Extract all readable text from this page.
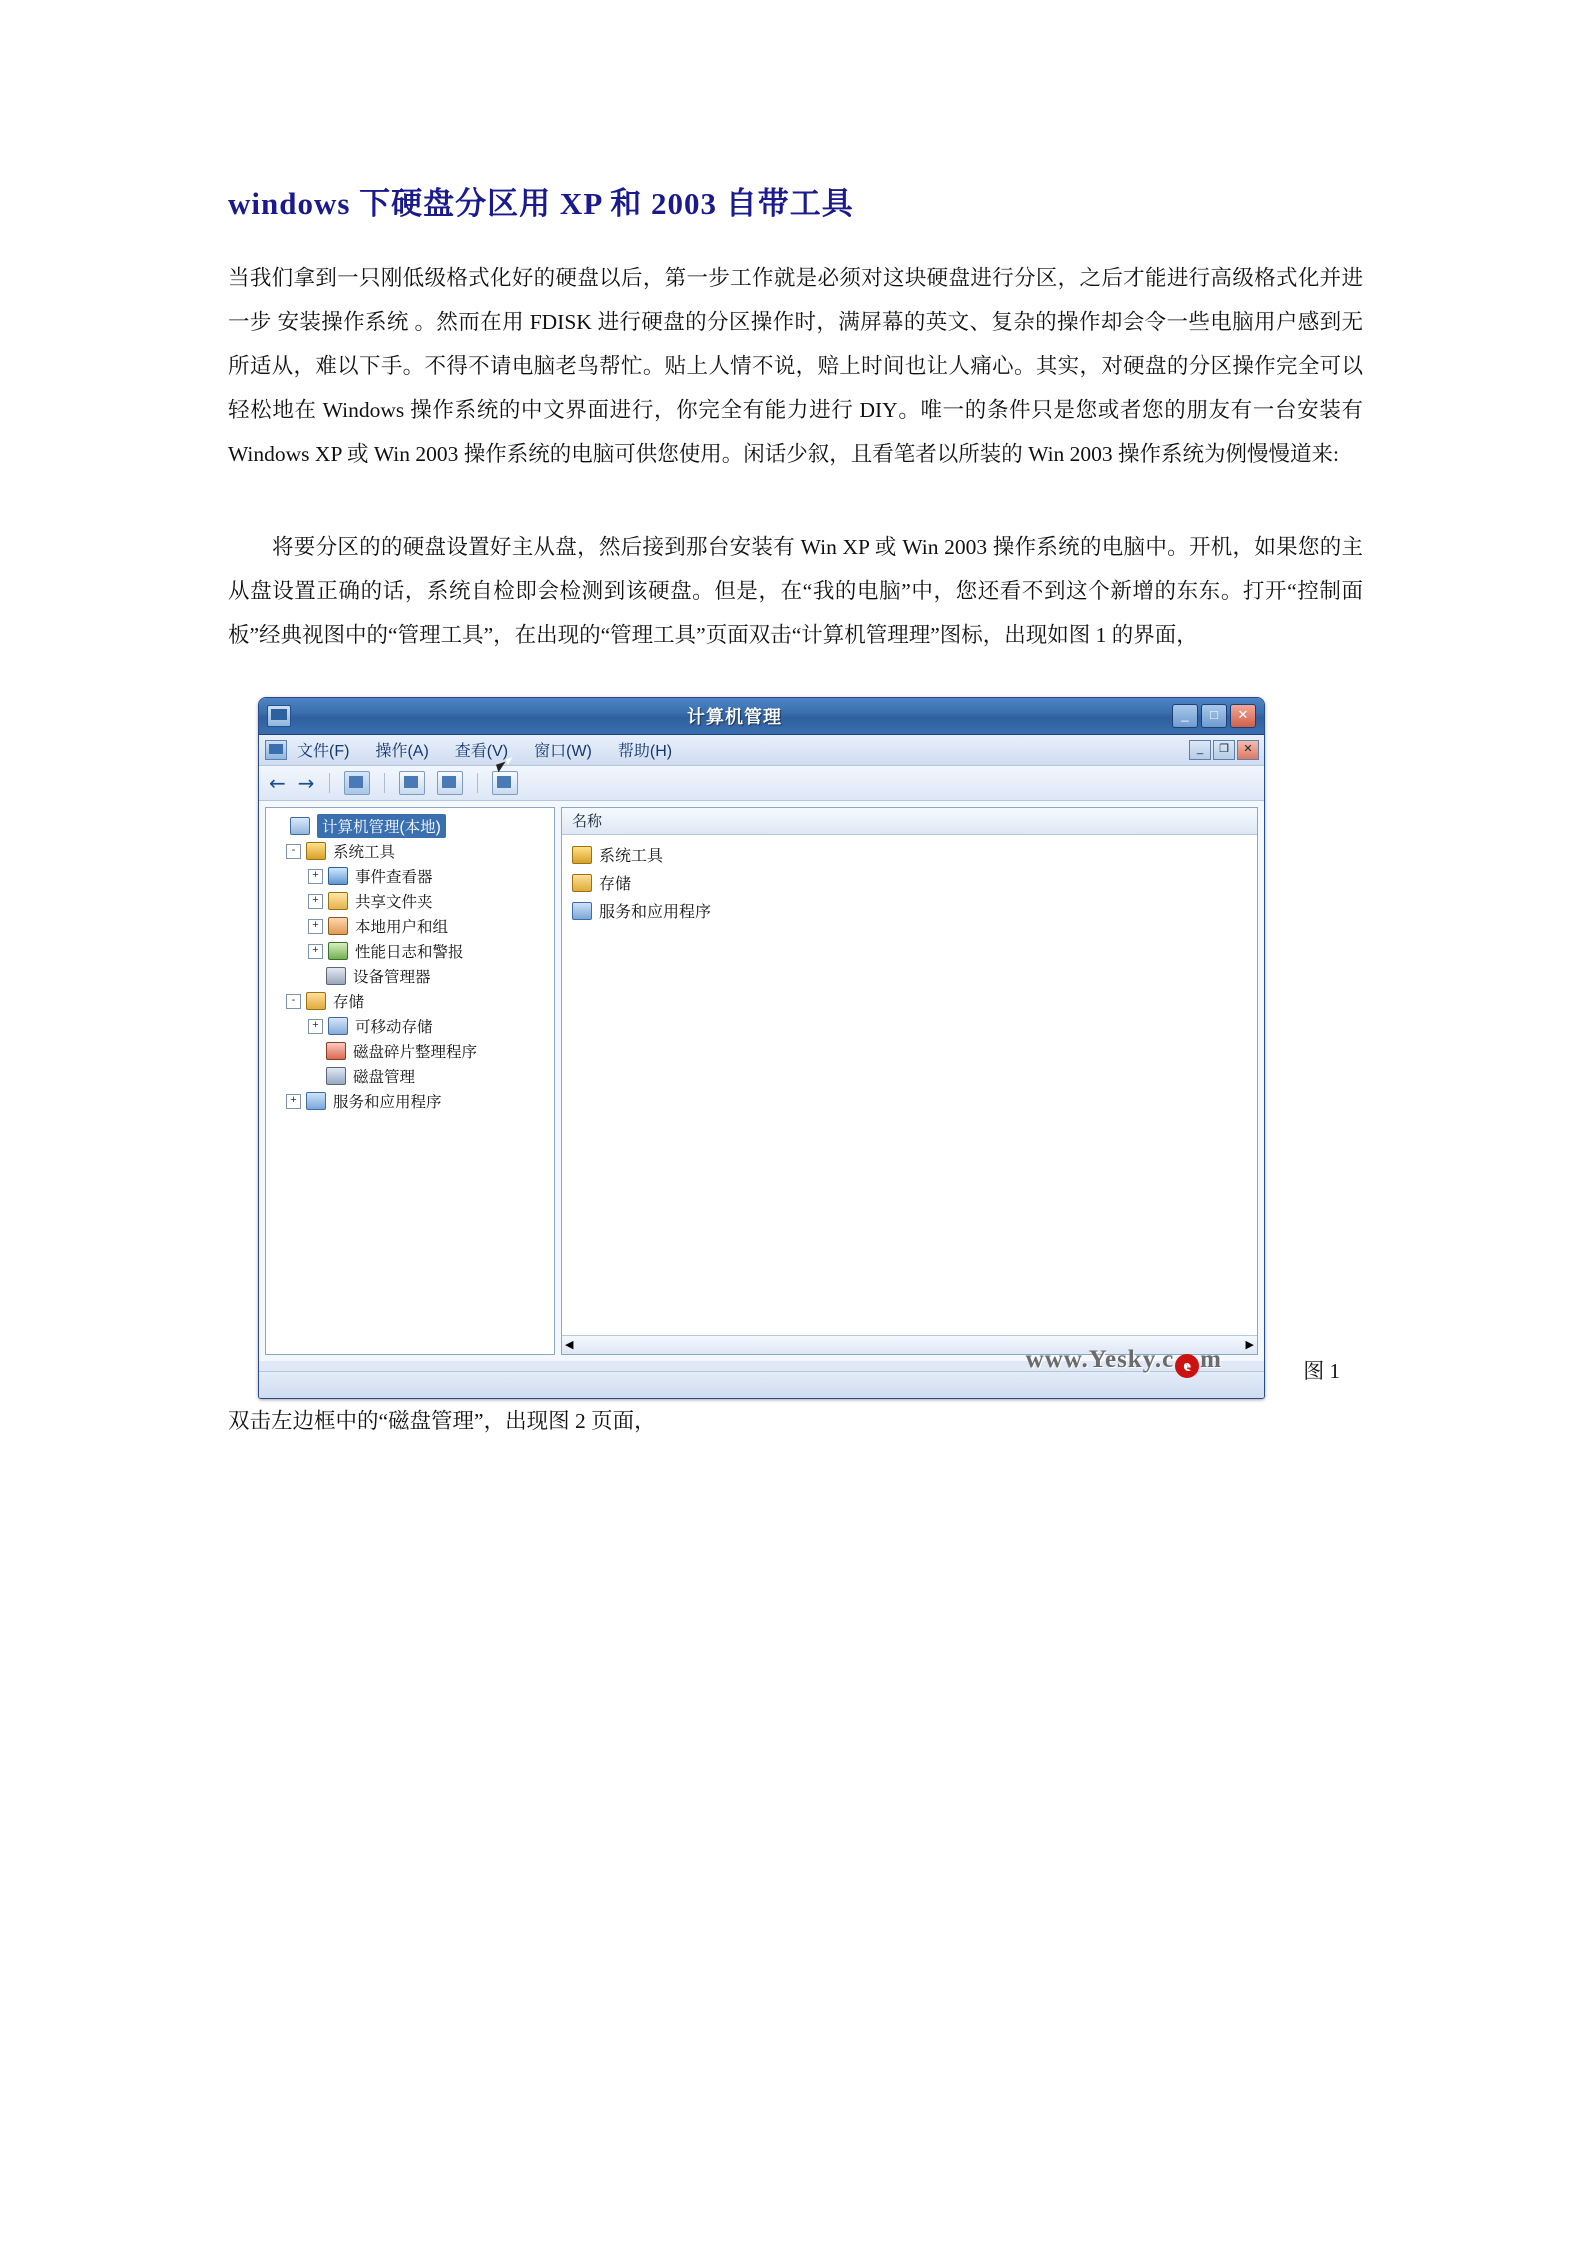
windows 下硬盘分区用 XP 和 2003 自带工具

当我们拿到一只刚低级格式化好的硬盘以后，第一步工作就是必须对这块硬盘进行分区，之后才能进行高级格式化并进一步 安装操作系统 。然而在用 FDISK 进行硬盘的分区操作时，满屏幕的英文、复杂的操作却会令一些电脑用户感到无所适从，难以下手。不得不请电脑老鸟帮忙。贴上人情不说，赔上时间也让人痛心。其实，对硬盘的分区操作完全可以轻松地在 Windows 操作系统的中文界面进行，你完全有能力进行 DIY。唯一的条件只是您或者您的朋友有一台安装有 Windows XP 或 Win 2003 操作系统的电脑可供您使用。闲话少叙，且看笔者以所装的 Win 2003 操作系统为例慢慢道来:

将要分区的的硬盘设置好主从盘，然后接到那台安装有 Win XP 或 Win 2003 操作系统的电脑中。开机，如果您的主从盘设置正确的话，系统自检即会检测到该硬盘。但是，在“我的电脑”中，您还看不到这个新增的东东。打开“控制面板”经典视图中的“管理工具”，在出现的“管理工具”页面双击“计算机管理理”图标，出现如图 1 的界面，

计算机管理	_	□	✕
文件(F) 操作(A) 查看(V) 窗口(W) 帮助(H)	_	❐	✕
← →
计算机管理(本地)
-	系统工具
+ 事件查看器
+ 共享文件夹
+ 本地用户和组
+ 性能日志和警报
设备管理器
-	存储
+ 可移动存储
磁盘碎片整理程序
磁盘管理
+ 服务和应用程序
名称
系统工具
存储
服务和应用程序
◀	▶
www.Yesky.c e m	图 1

双击左边框中的“磁盘管理”，出现图 2 页面，
